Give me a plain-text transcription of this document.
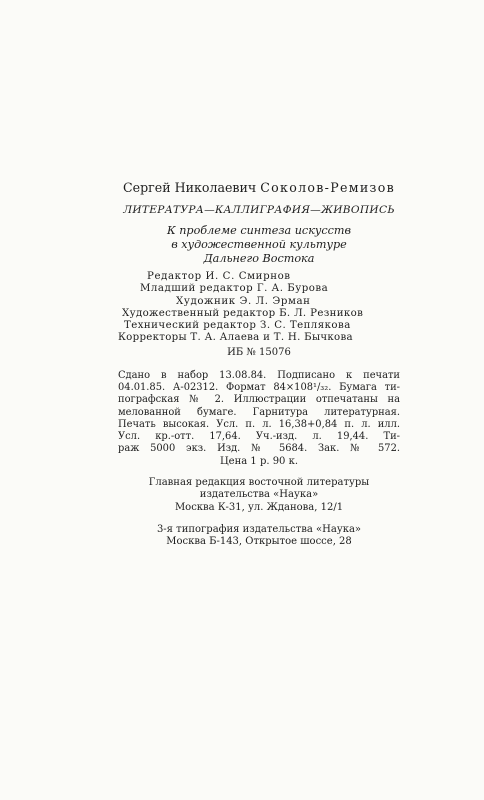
Сергей Николаевич Соколов-Ремизов
ЛИТЕРАТУРА—КАЛЛИГРАФИЯ—ЖИВОПИСЬ
К проблеме синтеза искусств
в художественной культуре
Дальнего Востока
Редактор И. С. Смирнов
Младший редактор Г. А. Бурова
Художник Э. Л. Эрман
Художественный редактор Б. Л. Резников
Технический редактор З. С. Теплякова
Корректоры Т. А. Алаева и Т. Н. Бычкова
ИБ № 15076
Сдано в набор 13.08.84. Подписано к печати
04.01.85. А-02312. Формат 84×108¹/₃₂. Бумага ти-
пографская № 2. Иллюстрации отпечатаны на
мелованной бумаге. Гарнитура литературная.
Печать высокая. Усл. п. л. 16,38+0,84 п. л. илл.
Усл. кр.-отт. 17,64. Уч.-изд. л. 19,44. Ти-
раж 5000 экз. Изд. № 5684. Зак. № 572.
Цена 1 р. 90 к.
Главная редакция восточной литературы
издательства «Наука»
Москва К-31, ул. Жданова, 12/1
3-я типография издательства «Наука»
Москва Б-143, Открытое шоссе, 28
